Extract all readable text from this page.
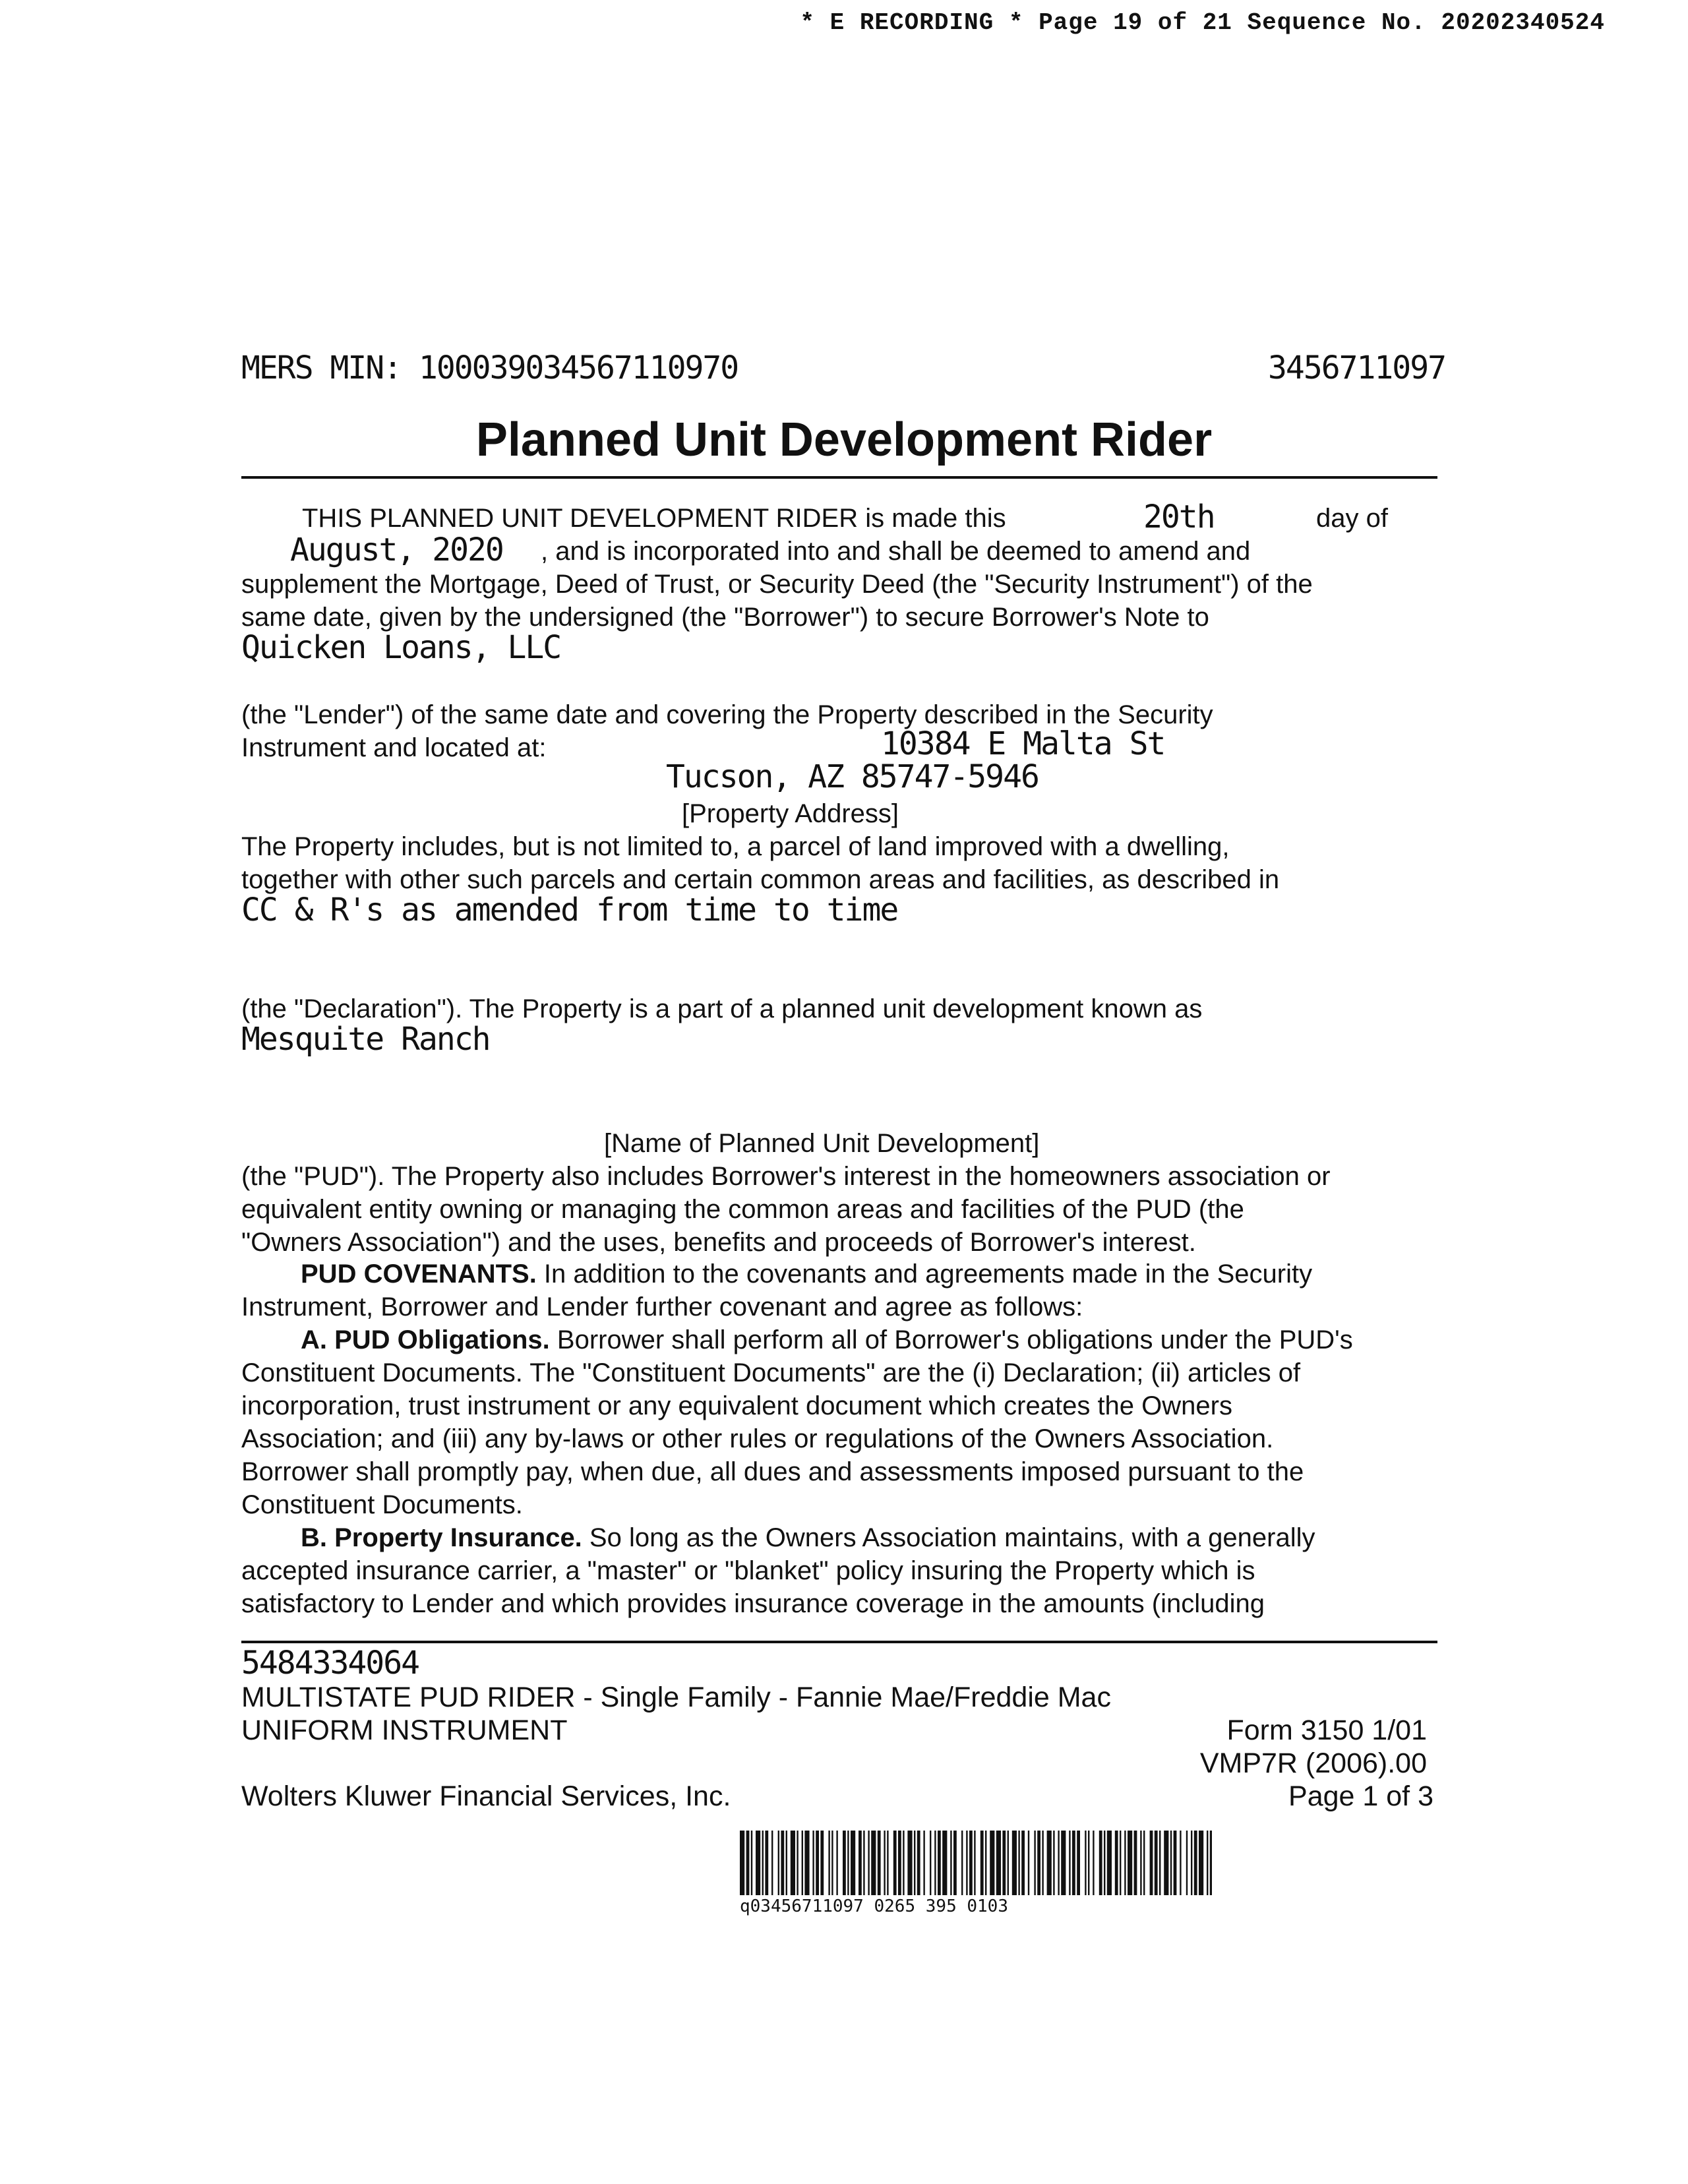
* E RECORDING * Page 19 of 21 Sequence No. 20202340524
MERS MIN: 100039034567110970	3456711097
Planned Unit Development Rider
THIS PLANNED UNIT DEVELOPMENT RIDER is made this	20th	day of
August, 2020 , and is incorporated into and shall be deemed to amend and
supplement the Mortgage, Deed of Trust, or Security Deed (the "Security Instrument") of the
same date, given by the undersigned (the "Borrower") to secure Borrower's Note to
Quicken Loans, LLC
(the "Lender") of the same date and covering the Property described in the Security
Instrument and located at:	10384 E Malta St
Tucson, AZ 85747-5946
[Property Address]
The Property includes, but is not limited to, a parcel of land improved with a dwelling,
together with other such parcels and certain common areas and facilities, as described in
CC & R's as amended from time to time
(the "Declaration"). The Property is a part of a planned unit development known as
Mesquite Ranch
[Name of Planned Unit Development]
(the "PUD"). The Property also includes Borrower's interest in the homeowners association or
equivalent entity owning or managing the common areas and facilities of the PUD (the
"Owners Association") and the uses, benefits and proceeds of Borrower's interest.
PUD COVENANTS. In addition to the covenants and agreements made in the Security
Instrument, Borrower and Lender further covenant and agree as follows:
A. PUD Obligations. Borrower shall perform all of Borrower's obligations under the PUD's
Constituent Documents. The "Constituent Documents" are the (i) Declaration; (ii) articles of
incorporation, trust instrument or any equivalent document which creates the Owners
Association; and (iii) any by-laws or other rules or regulations of the Owners Association.
Borrower shall promptly pay, when due, all dues and assessments imposed pursuant to the
Constituent Documents.
B. Property Insurance. So long as the Owners Association maintains, with a generally
accepted insurance carrier, a "master" or "blanket" policy insuring the Property which is
satisfactory to Lender and which provides insurance coverage in the amounts (including
5484334064
MULTISTATE PUD RIDER - Single Family - Fannie Mae/Freddie Mac
UNIFORM INSTRUMENT	Form 3150 1/01
VMP7R (2006).00
Wolters Kluwer Financial Services, Inc.	Page 1 of 3
q03456711097 0265 395 0103
